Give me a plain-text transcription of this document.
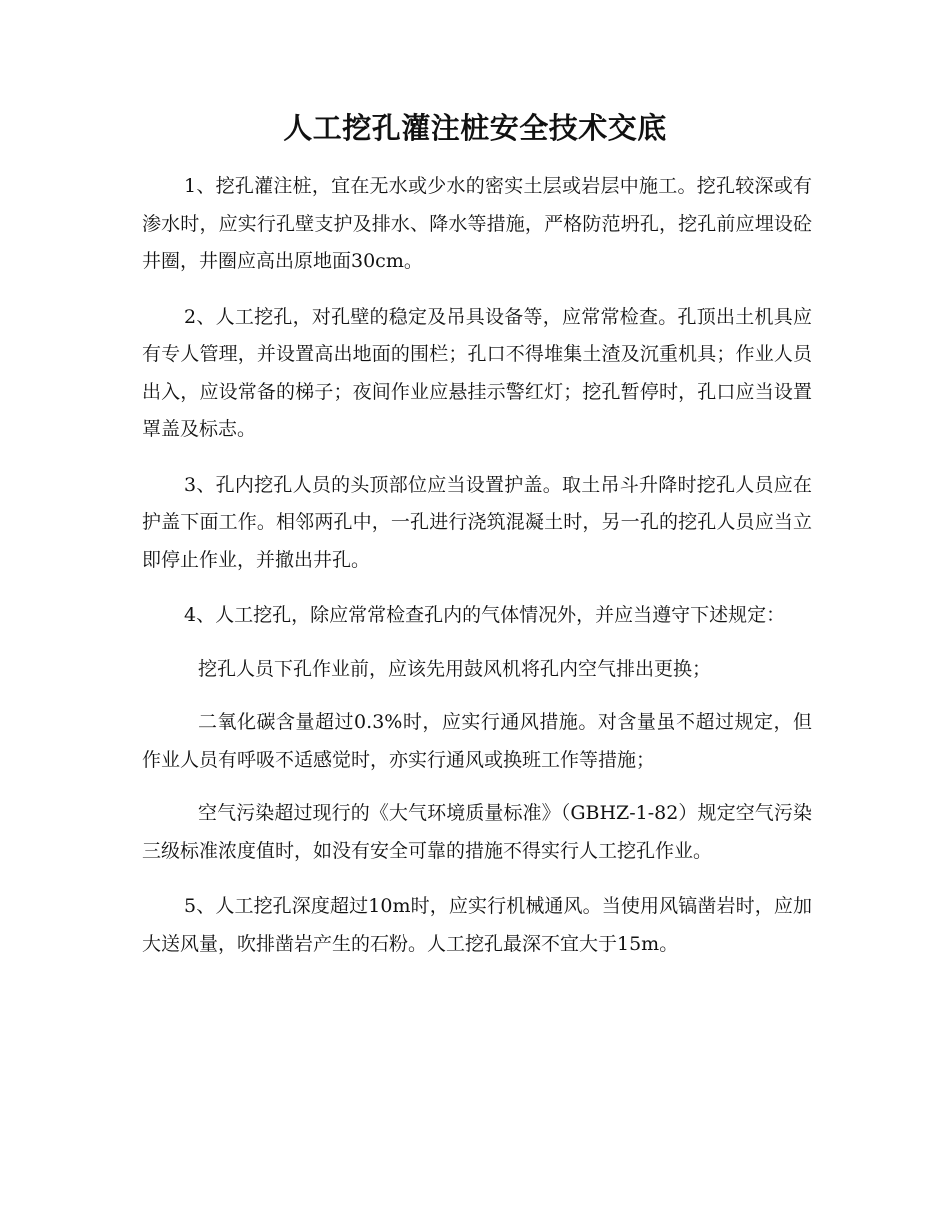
人工挖孔灌注桩安全技术交底

1、挖孔灌注桩，宜在无水或少水的密实土层或岩层中施工。挖孔较深或有渗水时，应实行孔壁支护及排水、降水等措施，严格防范坍孔，挖孔前应埋设砼井圈，井圈应高出原地面30cm。

2、人工挖孔，对孔壁的稳定及吊具设备等，应常常检查。孔顶出土机具应有专人管理，并设置高出地面的围栏；孔口不得堆集土渣及沉重机具；作业人员出入，应设常备的梯子；夜间作业应悬挂示警红灯；挖孔暂停时，孔口应当设置罩盖及标志。

3、孔内挖孔人员的头顶部位应当设置护盖。取土吊斗升降时挖孔人员应在护盖下面工作。相邻两孔中，一孔进行浇筑混凝土时，另一孔的挖孔人员应当立即停止作业，并撤出井孔。

4、人工挖孔，除应常常检查孔内的气体情况外，并应当遵守下述规定：

挖孔人员下孔作业前，应该先用鼓风机将孔内空气排出更换；

二氧化碳含量超过0.3%时，应实行通风措施。对含量虽不超过规定，但作业人员有呼吸不适感觉时，亦实行通风或换班工作等措施；

空气污染超过现行的《大气环境质量标准》（GBHZ-1-82）规定空气污染三级标准浓度值时，如没有安全可靠的措施不得实行人工挖孔作业。

5、人工挖孔深度超过10m时，应实行机械通风。当使用风镐凿岩时，应加大送风量，吹排凿岩产生的石粉。人工挖孔最深不宜大于15m。
